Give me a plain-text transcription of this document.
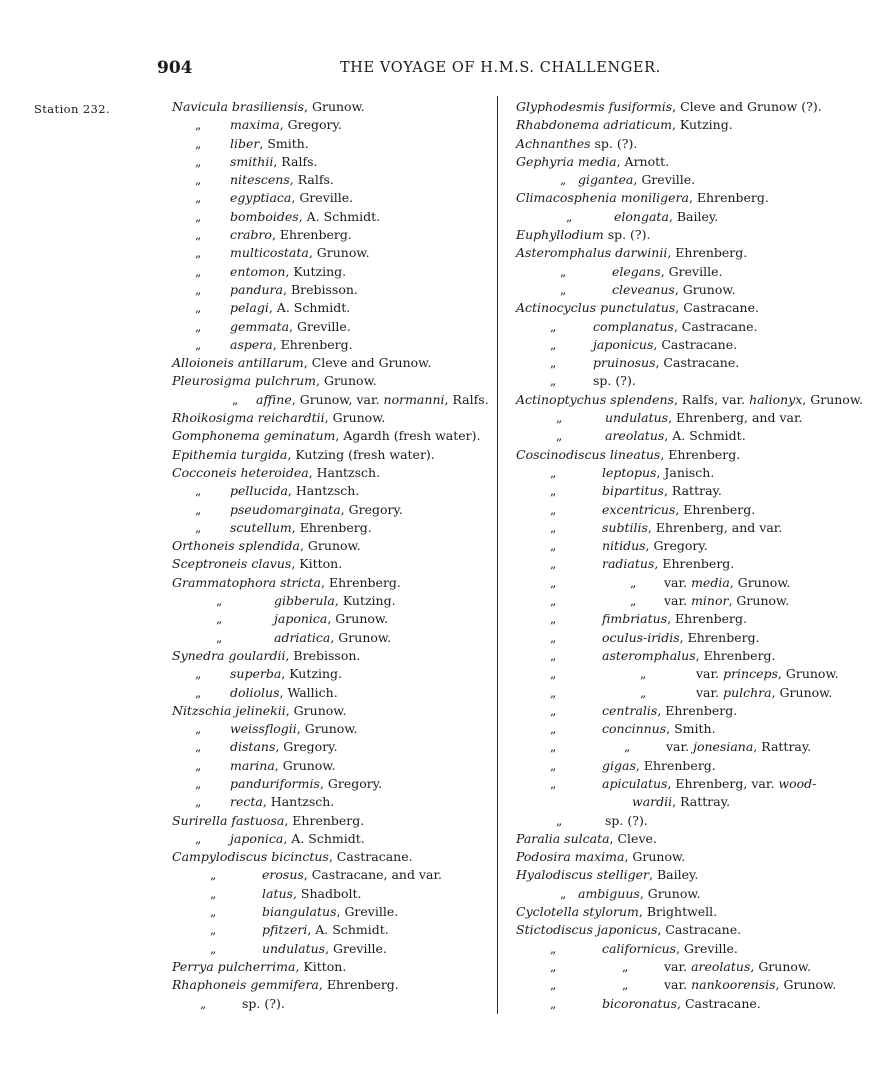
904	THE VOYAGE OF H.M.S. CHALLENGER.
Station 232.	Navicula brasiliensis, Grunow.
„ maxima, Gregory.
„ liber, Smith.
„ smithii, Ralfs.
„ nitescens, Ralfs.
„ egyptiaca, Greville.
„ bomboides, A. Schmidt.
„ crabro, Ehrenberg.
„ multicostata, Grunow.
„ entomon, Kutzing.
„ pandura, Brebisson.
„ pelagi, A. Schmidt.
„ gemmata, Greville.
„ aspera, Ehrenberg.
Alloioneis antillarum, Cleve and Grunow.
Pleurosigma pulchrum, Grunow.
„ affine, Grunow, var. normanni, Ralfs.
Rhoikosigma reichardtii, Grunow.
Gomphonema geminatum, Agardh (fresh water).
Epithemia turgida, Kutzing (fresh water).
Cocconeis heteroidea, Hantzsch.
„ pellucida, Hantzsch.
„ pseudomarginata, Gregory.
„ scutellum, Ehrenberg.
Orthoneis splendida, Grunow.
Sceptroneis clavus, Kitton.
Grammatophora stricta, Ehrenberg.
„	gibberula, Kutzing.
„	japonica, Grunow.
„	adriatica, Grunow.
Synedra goulardii, Brebisson.
„ superba, Kutzing.
„ doliolus, Wallich.
Nitzschia jelinekii, Grunow.
„ weissflogii, Grunow.
„ distans, Gregory.
„ marina, Grunow.
„ panduriformis, Gregory.
„ recta, Hantzsch.
Surirella fastuosa, Ehrenberg.
„ japonica, A. Schmidt.
Campylodiscus bicinctus, Castracane.
„	erosus, Castracane, and var.
„	latus, Shadbolt.
„	biangulatus, Greville.
„	pfitzeri, A. Schmidt.
„	undulatus, Greville.
Perrya pulcherrima, Kitton.
Rhaphoneis gemmifera, Ehrenberg.
„	sp. (?).
Glyphodesmis fusiformis, Cleve and Grunow (?).
Rhabdonema adriaticum, Kutzing.
Achnanthes sp. (?).
Gephyria media, Arnott.
„ gigantea, Greville.
Climacosphenia moniligera, Ehrenberg.
„	elongata, Bailey.
Euphyllodium sp. (?).
Asteromphalus darwinii, Ehrenberg.
„	elegans, Greville.
„	cleveanus, Grunow.
Actinocyclus punctulatus, Castracane.
„	complanatus, Castracane.
„	japonicus, Castracane.
„	pruinosus, Castracane.
„	sp. (?).
Actinoptychus splendens, Ralfs, var. halionyx, Grunow.
„	undulatus, Ehrenberg, and var.
„	areolatus, A. Schmidt.
Coscinodiscus lineatus, Ehrenberg.
„	leptopus, Janisch.
„	bipartitus, Rattray.
„	excentricus, Ehrenberg.
„	subtilis, Ehrenberg, and var.
„	nitidus, Gregory.
„	radiatus, Ehrenberg.
„	„ var. media, Grunow.
„	„ var. minor, Grunow.
„	fimbriatus, Ehrenberg.
„	oculus-iridis, Ehrenberg.
„	asteromphalus, Ehrenberg.
„	„	var. princeps, Grunow.
„	„	var. pulchra, Grunow.
„	centralis, Ehrenberg.
„	concinnus, Smith.
„	„	var. jonesiana, Rattray.
„	gigas, Ehrenberg.
„	apiculatus, Ehrenberg, var. wood-
wardii, Rattray.
„	sp. (?).
Paralia sulcata, Cleve.
Podosira maxima, Grunow.
Hyalodiscus stelliger, Bailey.
„ ambiguus, Grunow.
Cyclotella stylorum, Brightwell.
Stictodiscus japonicus, Castracane.
„	californicus, Greville.
„	„	var. areolatus, Grunow.
„	„	var. nankoorensis, Grunow.
„	bicoronatus, Castracane.
